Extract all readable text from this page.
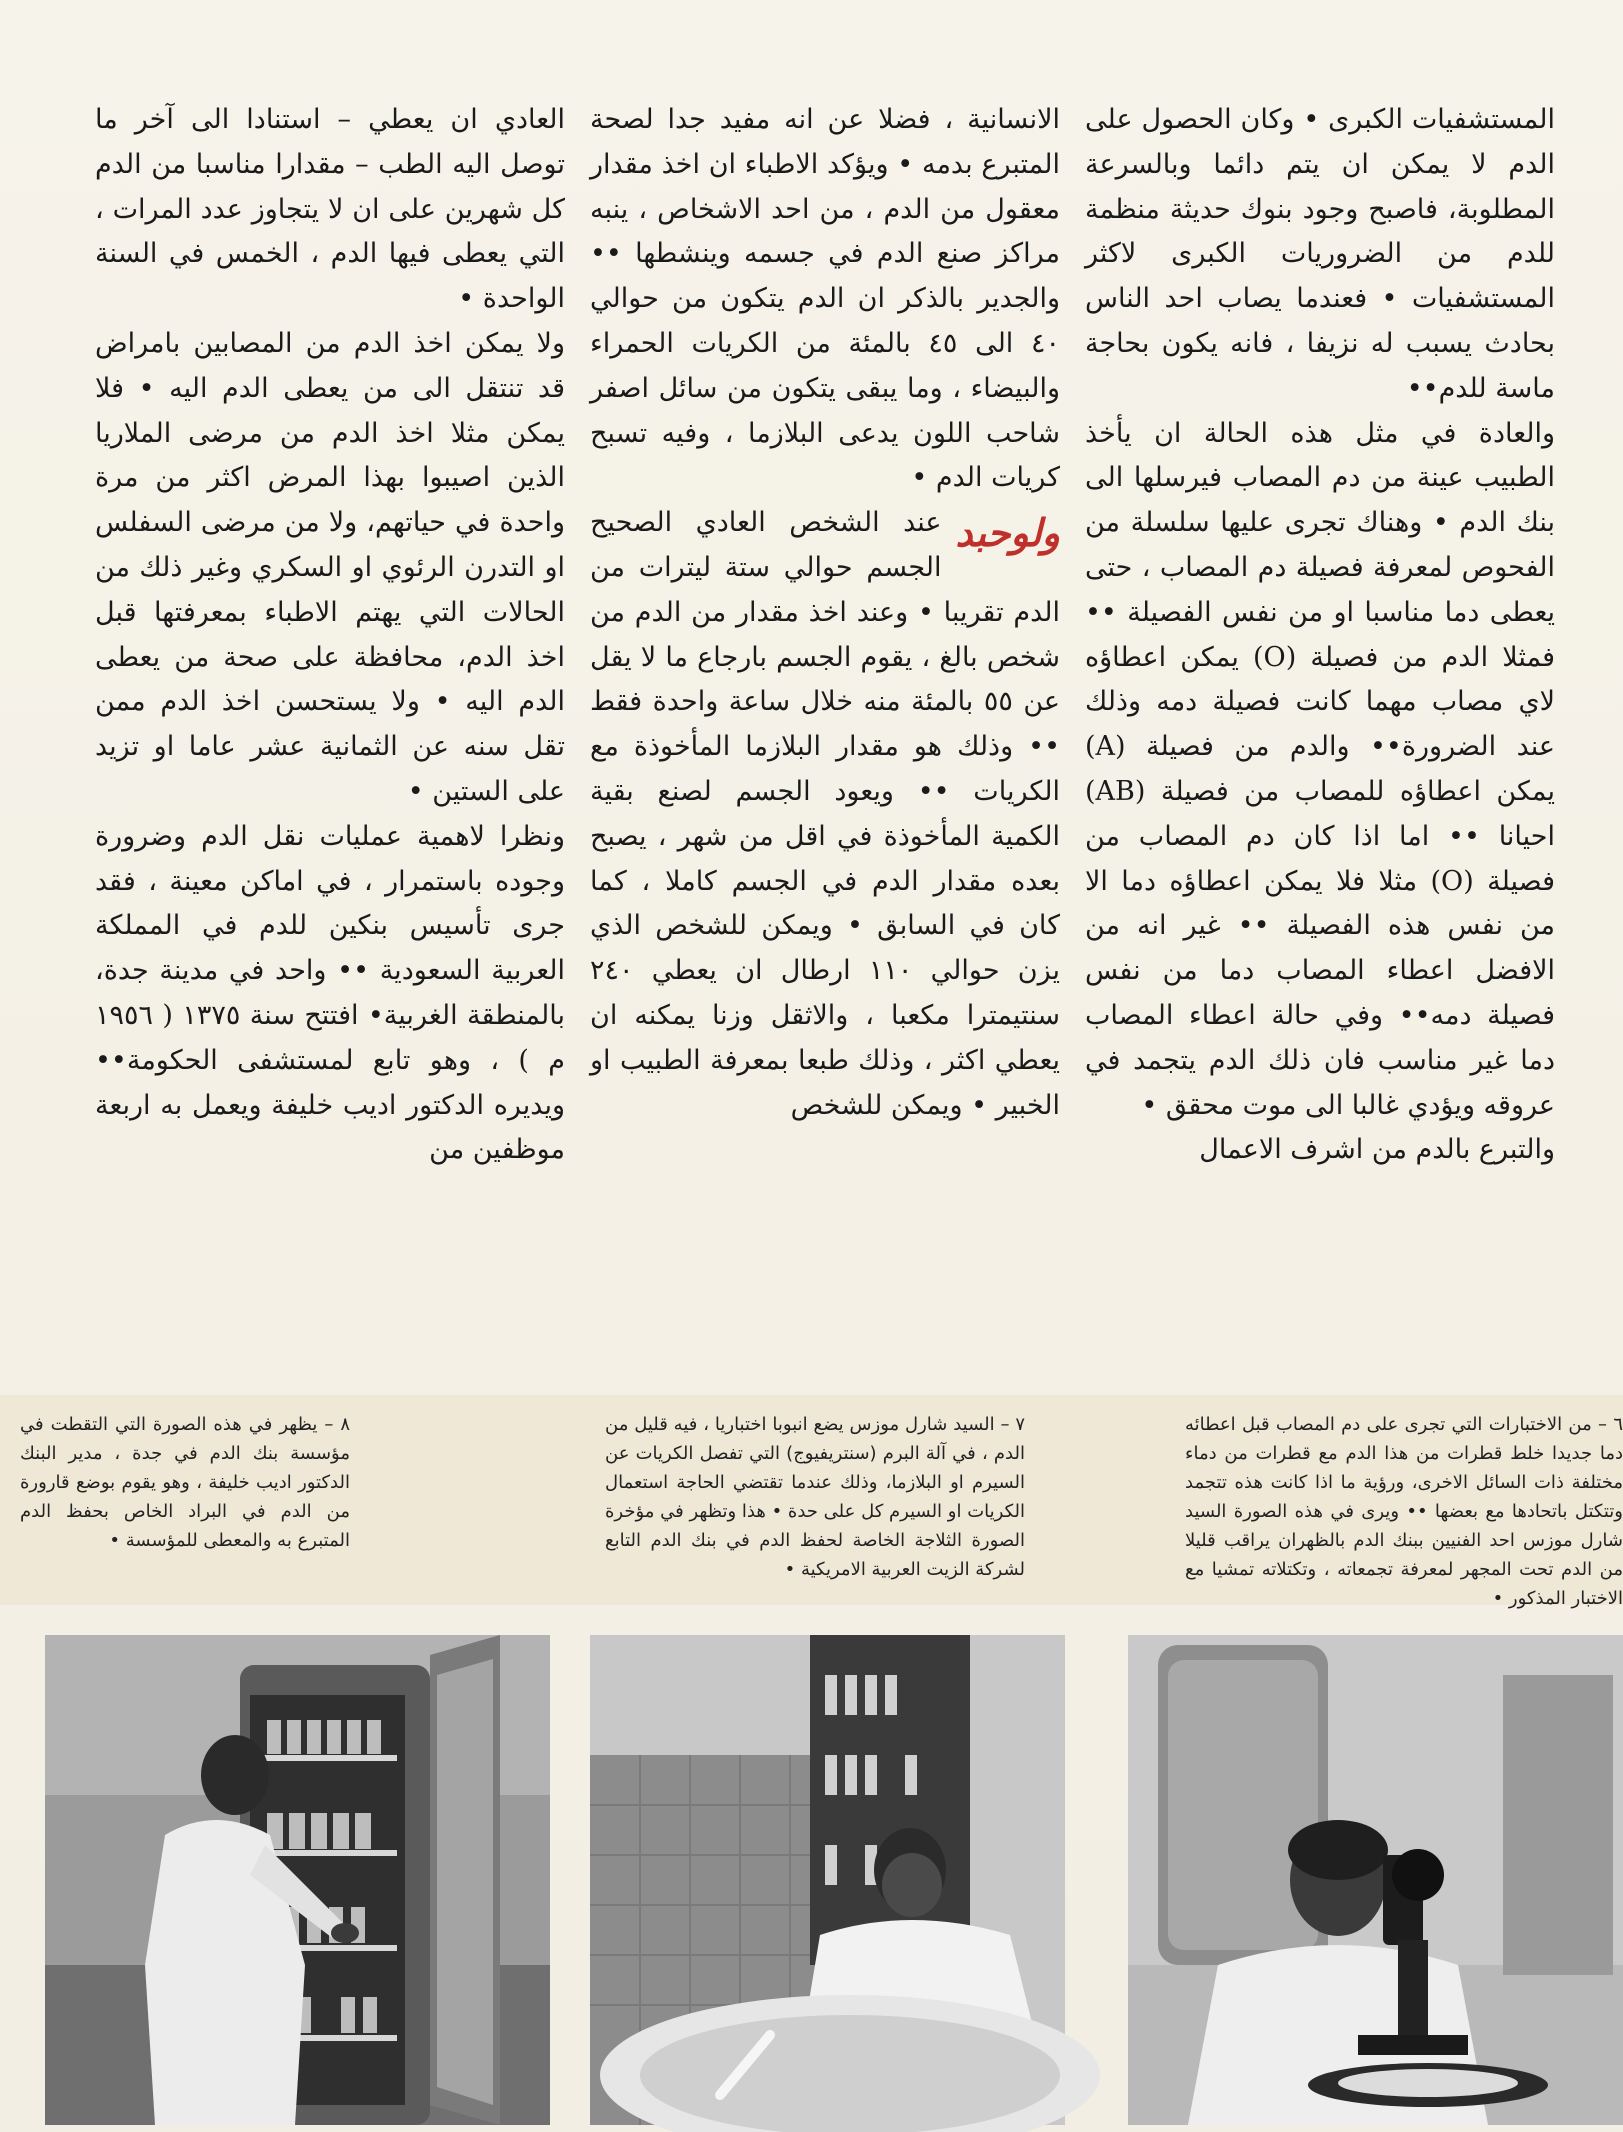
المستشفيات الكبرى • وكان الحصول على الدم لا يمكن ان يتم دائما وبالسرعة المطلوبة، فاصبح وجود بنوك حديثة منظمة للدم من الضروريات الكبرى لاكثر المستشفيات • فعندما يصاب احد الناس بحادث يسبب له نزيفا ، فانه يكون بحاجة ماسة للدم••

والعادة في مثل هذه الحالة ان يأخذ الطبيب عينة من دم المصاب فيرسلها الى بنك الدم • وهناك تجرى عليها سلسلة من الفحوص لمعرفة فصيلة دم المصاب ، حتى يعطى دما مناسبا او من نفس الفصيلة •• فمثلا الدم من فصيلة (O) يمكن اعطاؤه لاي مصاب مهما كانت فصيلة دمه وذلك عند الضرورة•• والدم من فصيلة (A) يمكن اعطاؤه للمصاب من فصيلة (AB) احيانا •• اما اذا كان دم المصاب من فصيلة (O) مثلا فلا يمكن اعطاؤه دما الا من نفس هذه الفصيلة •• غير انه من الافضل اعطاء المصاب دما من نفس فصيلة دمه•• وفي حالة اعطاء المصاب دما غير مناسب فان ذلك الدم يتجمد في عروقه ويؤدي غالبا الى موت محقق •

والتبرع بالدم من اشرف الاعمال

الانسانية ، فضلا عن انه مفيد جدا لصحة المتبرع بدمه • ويؤكد الاطباء ان اخذ مقدار معقول من الدم ، من احد الاشخاص ، ينبه مراكز صنع الدم في جسمه وينشطها •• والجدير بالذكر ان الدم يتكون من حوالي ٤٠ الى ٤٥ بالمئة من الكريات الحمراء والبيضاء ، وما يبقى يتكون من سائل اصفر شاحب اللون يدعى البلازما ، وفيه تسبح كريات الدم •

ولوحبد
عند الشخص العادي الصحيح الجسم حوالي ستة ليترات من الدم تقريبا • وعند اخذ مقدار من الدم من شخص بالغ ، يقوم الجسم بارجاع ما لا يقل عن ٥٥ بالمئة منه خلال ساعة واحدة فقط •• وذلك هو مقدار البلازما المأخوذة مع الكريات •• ويعود الجسم لصنع بقية الكمية المأخوذة في اقل من شهر ، يصبح بعده مقدار الدم في الجسم كاملا ، كما كان في السابق • ويمكن للشخص الذي يزن حوالي ١١٠ ارطال ان يعطي ٢٤٠ سنتيمترا مكعبا ، والاثقل وزنا يمكنه ان يعطي اكثر ، وذلك طبعا بمعرفة الطبيب او الخبير • ويمكن للشخص

العادي ان يعطي – استنادا الى آخر ما توصل اليه الطب – مقدارا مناسبا من الدم كل شهرين على ان لا يتجاوز عدد المرات ، التي يعطى فيها الدم ، الخمس في السنة الواحدة •

ولا يمكن اخذ الدم من المصابين بامراض قد تنتقل الى من يعطى الدم اليه • فلا يمكن مثلا اخذ الدم من مرضى الملاريا الذين اصيبوا بهذا المرض اكثر من مرة واحدة في حياتهم، ولا من مرضى السفلس او التدرن الرئوي او السكري وغير ذلك من الحالات التي يهتم الاطباء بمعرفتها قبل اخذ الدم، محافظة على صحة من يعطى الدم اليه • ولا يستحسن اخذ الدم ممن تقل سنه عن الثمانية عشر عاما او تزيد على الستين •

ونظرا لاهمية عمليات نقل الدم وضرورة وجوده باستمرار ، في اماكن معينة ، فقد جرى تأسيس بنكين للدم في المملكة العربية السعودية •• واحد في مدينة جدة، بالمنطقة الغربية• افتتح سنة ١٣٧٥ ( ١٩٥٦ م ) ، وهو تابع لمستشفى الحكومة•• ويديره الدكتور اديب خليفة ويعمل به اربعة موظفين من

٦ – من الاختبارات التي تجرى على دم المصاب قبل اعطائه دما جديدا خلط قطرات من هذا الدم مع قطرات من دماء مختلفة ذات السائل الاخرى، ورؤية ما اذا كانت هذه تتجمد وتتكتل باتحادها مع بعضها •• ويرى في هذه الصورة السيد شارل موزس احد الفنيين ببنك الدم بالظهران يراقب قليلا من الدم تحت المجهر لمعرفة تجمعاته ، وتكتلاته تمشيا مع الاختبار المذكور •
٧ – السيد شارل موزس يضع انبوبا اختباريا ، فيه قليل من الدم ، في آلة البرم (سنتريفيوج) التي تفصل الكريات عن السيرم او البلازما، وذلك عندما تقتضي الحاجة استعمال الكريات او السيرم كل على حدة • هذا وتظهر في مؤخرة الصورة الثلاجة الخاصة لحفظ الدم في بنك الدم التابع لشركة الزيت العربية الامريكية •
٨ – يظهر في هذه الصورة التي التقطت في مؤسسة بنك الدم في جدة ، مدير البنك الدكتور اديب خليفة ، وهو يقوم بوضع قارورة من الدم في البراد الخاص بحفظ الدم المتبرع به والمعطى للمؤسسة •
